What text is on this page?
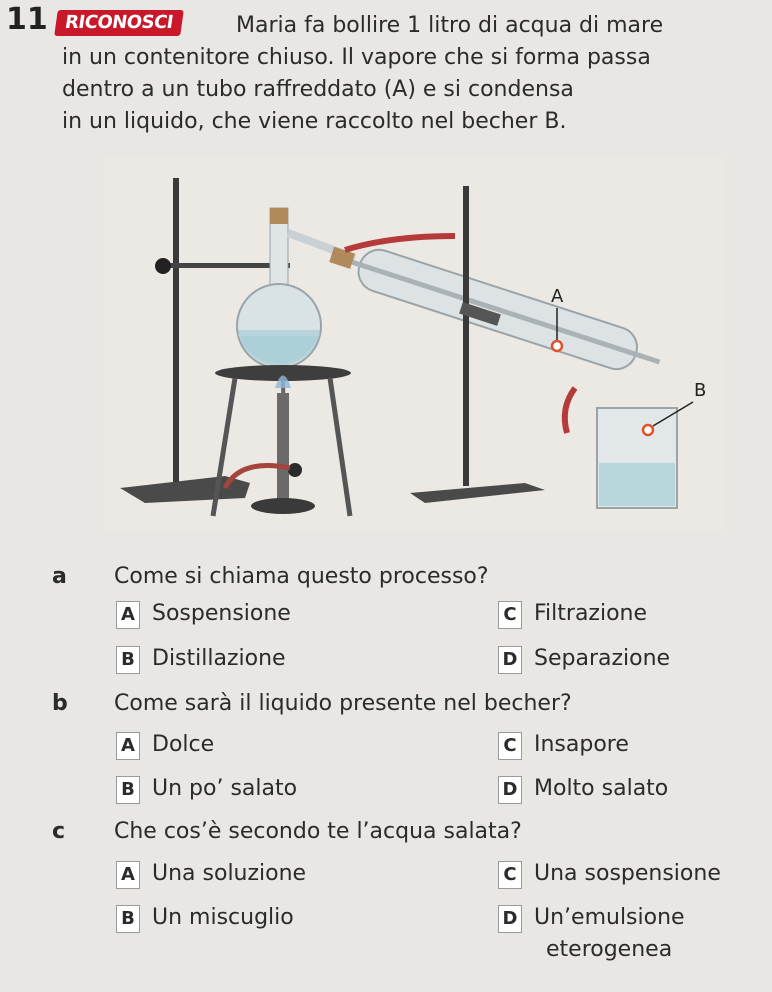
11 RICONOSCI	Maria fa bollire 1 litro di acqua di mare
in un contenitore chiuso. Il vapore che si forma passa
dentro a un tubo raffreddato (A) e si condensa
in un liquido, che viene raccolto nel becher B.
A
B
a Come si chiama questo processo?
A Sospensione
B Distillazione
C Filtrazione
D Separazione
b Come sarà il liquido presente nel becher?
A Dolce
B Un po’ salato
C Insapore
D Molto salato
c Che cos’è secondo te l’acqua salata?
A Una soluzione
B Un miscuglio
C Una sospensione
D Un’emulsione
eterogenea
